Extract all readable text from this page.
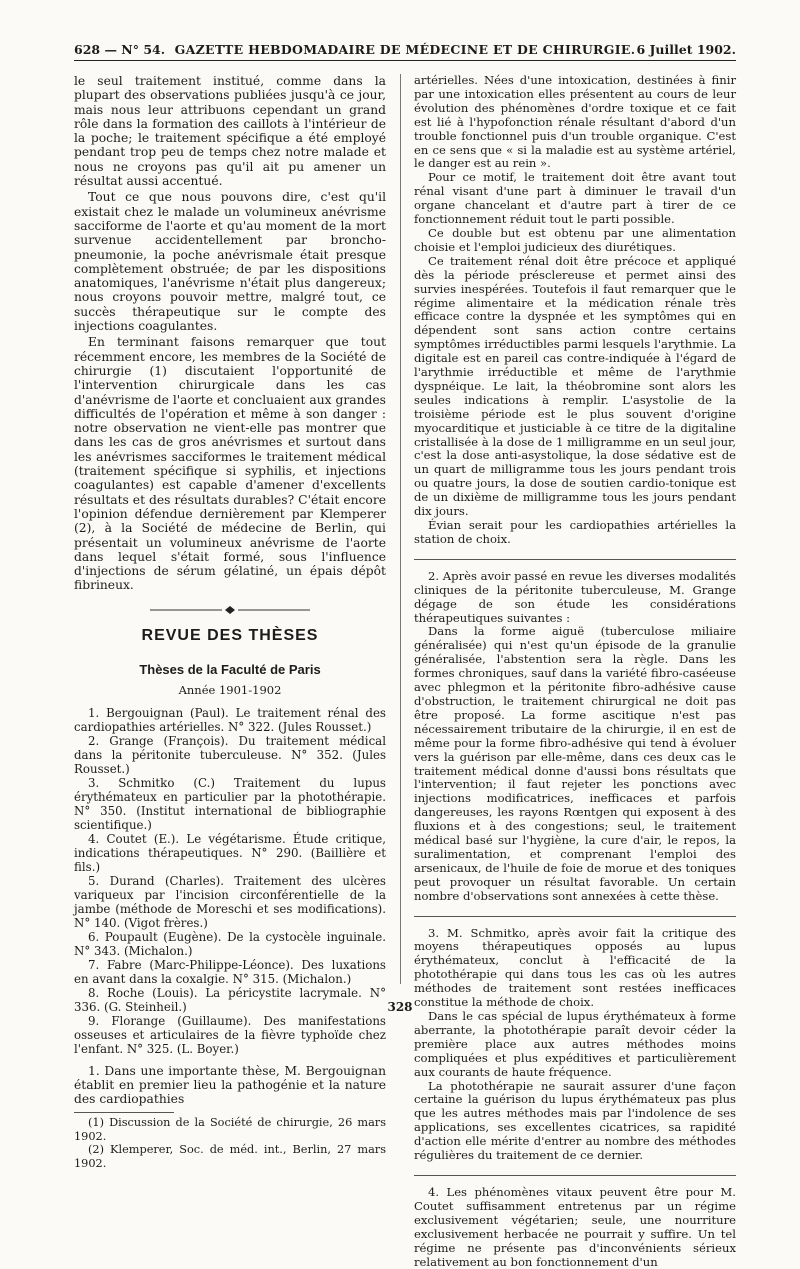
628 — N° 54. GAZETTE HEBDOMADAIRE DE MÉDECINE ET DE CHIRURGIE. 6 Juillet 1902.

le seul traitement institué, comme dans la plupart des observations publiées jusqu'à ce jour, mais nous leur attribuons cependant un grand rôle dans la formation des caillots à l'intérieur de la poche; le traitement spécifique a été employé pendant trop peu de temps chez notre malade et nous ne croyons pas qu'il ait pu amener un résultat aussi accentué.

Tout ce que nous pouvons dire, c'est qu'il existait chez le malade un volumineux anévrisme sacciforme de l'aorte et qu'au moment de la mort survenue accidentellement par broncho-pneumonie, la poche anévrismale était presque complètement obstruée; de par les dispositions anatomiques, l'anévrisme n'était plus dangereux; nous croyons pouvoir mettre, malgré tout, ce succès thérapeutique sur le compte des injections coagulantes.

En terminant faisons remarquer que tout récemment encore, les membres de la Société de chirurgie (1) discutaient l'opportunité de l'intervention chirurgicale dans les cas d'anévrisme de l'aorte et concluaient aux grandes difficultés de l'opération et même à son danger : notre observation ne vient-elle pas montrer que dans les cas de gros anévrismes et surtout dans les anévrismes sacciformes le traitement médical (traitement spécifique si syphilis, et injections coagulantes) est capable d'amener d'excellents résultats et des résultats durables? C'était encore l'opinion défendue dernièrement par Klemperer (2), à la Société de médecine de Berlin, qui présentait un volumineux anévrisme de l'aorte dans lequel s'était formé, sous l'influence d'injections de sérum gélatiné, un épais dépôt fibrineux.

REVUE DES THÈSES
Thèses de la Faculté de Paris
Année 1901-1902

1. Bergouignan (Paul). Le traitement rénal des cardiopathies artérielles. N° 322. (Jules Rousset.)

2. Grange (François). Du traitement médical dans la péritonite tuberculeuse. N° 352. (Jules Rousset.)

3. Schmitko (C.) Traitement du lupus érythémateux en particulier par la photothérapie. N° 350. (Institut international de bibliographie scientifique.)

4. Coutet (E.). Le végétarisme. Étude critique, indications thérapeutiques. N° 290. (Baillière et fils.)

5. Durand (Charles). Traitement des ulcères variqueux par l'incision circonférentielle de la jambe (méthode de Moreschi et ses modifications). N° 140. (Vigot frères.)

6. Poupault (Eugène). De la cystocèle inguinale. N° 343. (Michalon.)

7. Fabre (Marc-Philippe-Léonce). Des luxations en avant dans la coxalgie. N° 315. (Michalon.)

8. Roche (Louis). La péricystite lacrymale. N° 336. (G. Steinheil.)

9. Florange (Guillaume). Des manifestations osseuses et articulaires de la fièvre typhoïde chez l'enfant. N° 325. (L. Boyer.)

1. Dans une importante thèse, M. Bergouignan établit en premier lieu la pathogénie et la nature des cardiopathies

(1) Discussion de la Société de chirurgie, 26 mars 1902.

(2) Klemperer, Soc. de méd. int., Berlin, 27 mars 1902.

artérielles. Nées d'une intoxication, destinées à finir par une intoxication elles présentent au cours de leur évolution des phénomènes d'ordre toxique et ce fait est lié à l'hypofonction rénale résultant d'abord d'un trouble fonctionnel puis d'un trouble organique. C'est en ce sens que « si la maladie est au système artériel, le danger est au rein ».

Pour ce motif, le traitement doit être avant tout rénal visant d'une part à diminuer le travail d'un organe chancelant et d'autre part à tirer de ce fonctionnement réduit tout le parti possible.

Ce double but est obtenu par une alimentation choisie et l'emploi judicieux des diurétiques.

Ce traitement rénal doit être précoce et appliqué dès la période présclereuse et permet ainsi des survies inespérées. Toutefois il faut remarquer que le régime alimentaire et la médication rénale très efficace contre la dyspnée et les symptômes qui en dépendent sont sans action contre certains symptômes irréductibles parmi lesquels l'arythmie. La digitale est en pareil cas contre-indiquée à l'égard de l'arythmie irréductible et même de l'arythmie dyspnéique. Le lait, la théobromine sont alors les seules indications à remplir. L'asystolie de la troisième période est le plus souvent d'origine myocarditique et justiciable à ce titre de la digitaline cristallisée à la dose de 1 milligramme en un seul jour, c'est la dose anti-asystolique, la dose sédative est de un quart de milligramme tous les jours pendant trois ou quatre jours, la dose de soutien cardio-tonique est de un dixième de milligramme tous les jours pendant dix jours.

Évian serait pour les cardiopathies artérielles la station de choix.

2. Après avoir passé en revue les diverses modalités cliniques de la péritonite tuberculeuse, M. Grange dégage de son étude les considérations thérapeutiques suivantes :

Dans la forme aiguë (tuberculose miliaire généralisée) qui n'est qu'un épisode de la granulie généralisée, l'abstention sera la règle. Dans les formes chroniques, sauf dans la variété fibro-caséeuse avec phlegmon et la péritonite fibro-adhésive cause d'obstruction, le traitement chirurgical ne doit pas être proposé. La forme ascitique n'est pas nécessairement tributaire de la chirurgie, il en est de même pour la forme fibro-adhésive qui tend à évoluer vers la guérison par elle-même, dans ces deux cas le traitement médical donne d'aussi bons résultats que l'intervention; il faut rejeter les ponctions avec injections modificatrices, inefficaces et parfois dangereuses, les rayons Rœntgen qui exposent à des fluxions et à des congestions; seul, le traitement médical basé sur l'hygiène, la cure d'air, le repos, la suralimentation, et comprenant l'emploi des arsenicaux, de l'huile de foie de morue et des toniques peut provoquer un résultat favorable. Un certain nombre d'observations sont annexées à cette thèse.

3. M. Schmitko, après avoir fait la critique des moyens thérapeutiques opposés au lupus érythémateux, conclut à l'efficacité de la photothérapie qui dans tous les cas où les autres méthodes de traitement sont restées inefficaces constitue la méthode de choix.

Dans le cas spécial de lupus érythémateux à forme aberrante, la photothérapie paraît devoir céder la première place aux autres méthodes moins compliquées et plus expéditives et particulièrement aux courants de haute fréquence.

La photothérapie ne saurait assurer d'une façon certaine la guérison du lupus érythémateux pas plus que les autres méthodes mais par l'indolence de ses applications, ses excellentes cicatrices, sa rapidité d'action elle mérite d'entrer au nombre des méthodes régulières du traitement de ce dernier.

4. Les phénomènes vitaux peuvent être pour M. Coutet suffisamment entretenus par un régime exclusivement végétarien; seule, une nourriture exclusivement herbacée ne pourrait y suffire. Un tel régime ne présente pas d'inconvénients sérieux relativement au bon fonctionnement d'un

328
